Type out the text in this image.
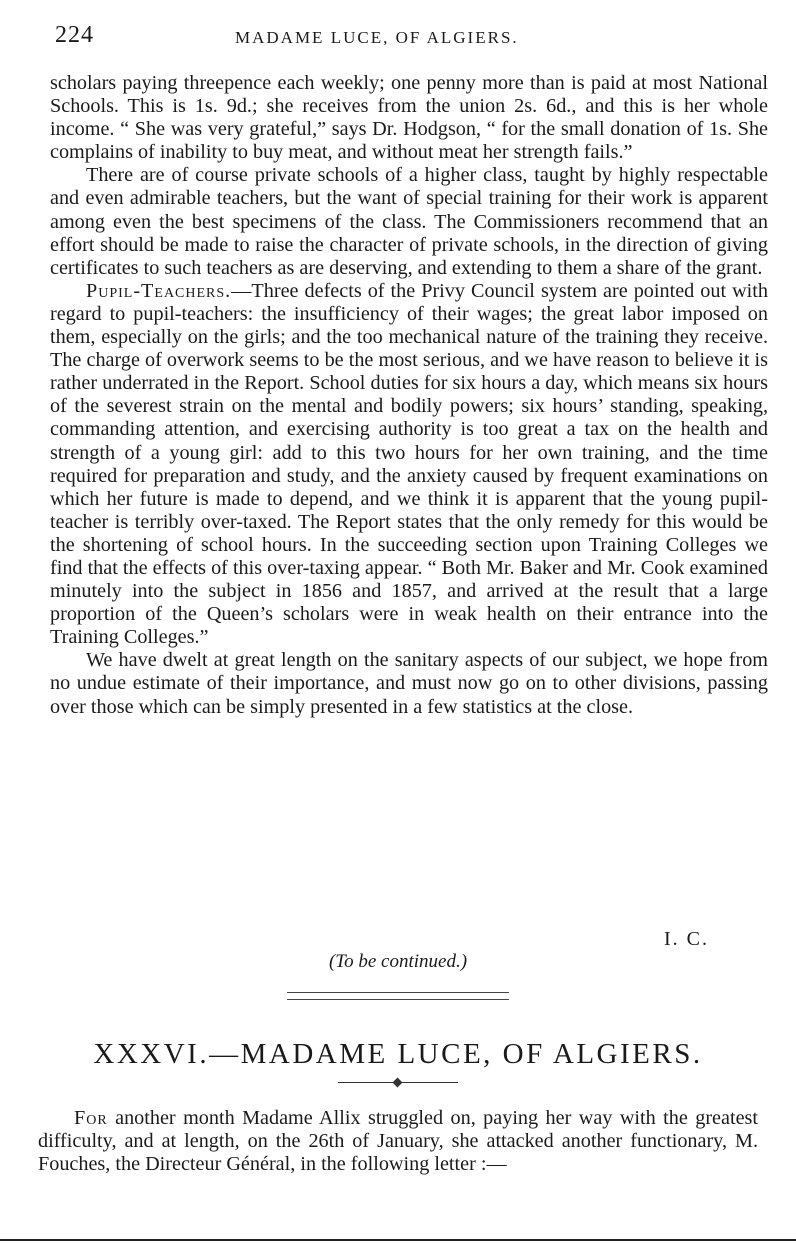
224	MADAME LUCE, OF ALGIERS.

scholars paying threepence each weekly; one penny more than is paid at most National Schools. This is 1s. 9d.; she receives from the union 2s. 6d., and this is her whole income. “ She was very grateful,” says Dr. Hodgson, “ for the small donation of 1s. She complains of inability to buy meat, and without meat her strength fails.”

There are of course private schools of a higher class, taught by highly respectable and even admirable teachers, but the want of special training for their work is apparent among even the best specimens of the class. The Commissioners recommend that an effort should be made to raise the character of private schools, in the direction of giving certificates to such teachers as are deserving, and extending to them a share of the grant.

Pupil-Teachers.—Three defects of the Privy Council system are pointed out with regard to pupil-teachers: the insufficiency of their wages; the great labor imposed on them, especially on the girls; and the too mechanical nature of the training they receive. The charge of overwork seems to be the most serious, and we have reason to believe it is rather underrated in the Report. School duties for six hours a day, which means six hours of the severest strain on the mental and bodily powers; six hours’ standing, speaking, commanding attention, and exercising authority is too great a tax on the health and strength of a young girl: add to this two hours for her own training, and the time required for preparation and study, and the anxiety caused by frequent examinations on which her future is made to depend, and we think it is apparent that the young pupil-teacher is terribly over-taxed. The Report states that the only remedy for this would be the shortening of school hours. In the succeeding section upon Training Colleges we find that the effects of this over-taxing appear. “ Both Mr. Baker and Mr. Cook examined minutely into the subject in 1856 and 1857, and arrived at the result that a large proportion of the Queen’s scholars were in weak health on their entrance into the Training Colleges.”

We have dwelt at great length on the sanitary aspects of our subject, we hope from no undue estimate of their importance, and must now go on to other divisions, passing over those which can be simply presented in a few statistics at the close.

I. C.
(To be continued.)
XXXVI.—MADAME LUCE, OF ALGIERS.

For another month Madame Allix struggled on, paying her way with the greatest difficulty, and at length, on the 26th of January, she attacked another functionary, M. Fouches, the Directeur Général, in the following letter :—
